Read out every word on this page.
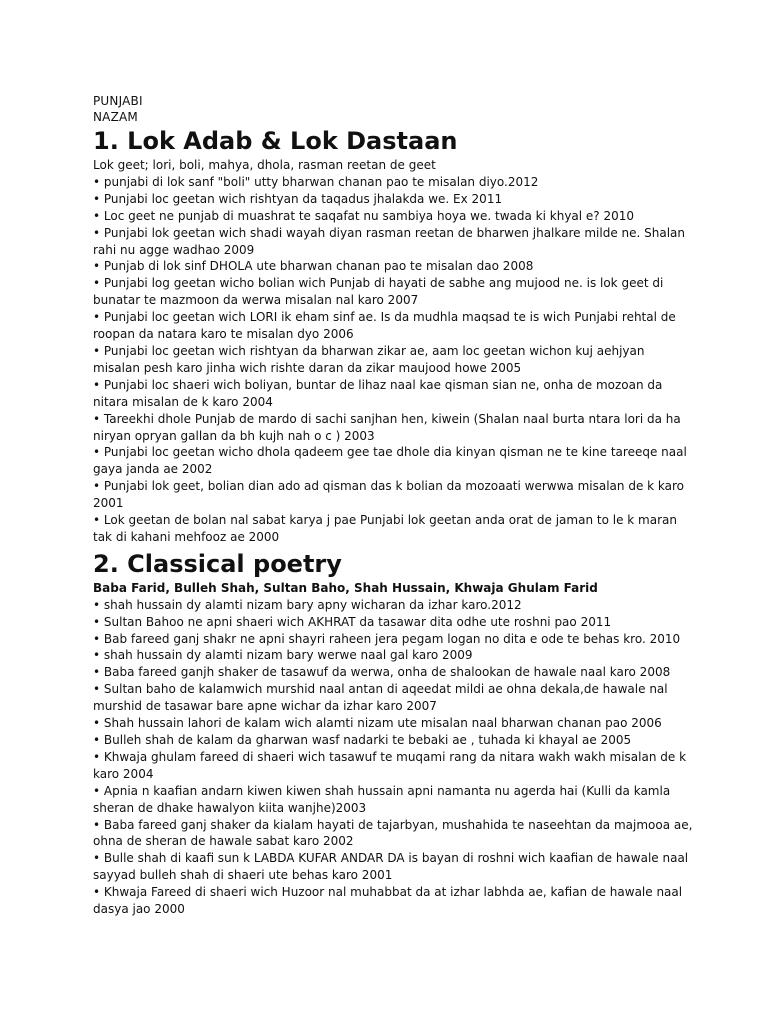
PUNJABI
NAZAM
1. Lok Adab & Lok Dastaan

Lok geet; lori, boli, mahya, dhola, rasman reetan de geet

• punjabi di lok sanf "boli" utty bharwan chanan pao te misalan diyo.2012

• Punjabi loc geetan wich rishtyan da taqadus jhalakda we. Ex 2011

• Loc geet ne punjab di muashrat te saqafat nu sambiya hoya we. twada ki khyal e? 2010

• Punjabi lok geetan wich shadi wayah diyan rasman reetan de bharwen jhalkare milde ne. Shalan rahi nu agge wadhao 2009

• Punjab di lok sinf DHOLA ute bharwan chanan pao te misalan dao 2008

• Punjabi log geetan wicho bolian wich Punjab di hayati de sabhe ang mujood ne. is lok geet di bunatar te mazmoon da werwa misalan nal karo 2007

• Punjabi loc geetan wich LORI ik eham sinf ae. Is da mudhla maqsad te is wich Punjabi rehtal de roopan da natara karo te misalan dyo 2006

• Punjabi loc geetan wich rishtyan da bharwan zikar ae, aam loc geetan wichon kuj aehjyan misalan pesh karo jinha wich rishte daran da zikar maujood howe 2005

• Punjabi loc shaeri wich boliyan, buntar de lihaz naal kae qisman sian ne, onha de mozoan da nitara misalan de k karo 2004

• Tareekhi dhole Punjab de mardo di sachi sanjhan hen, kiwein (Shalan naal burta ntara lori da ha niryan opryan gallan da bh kujh nah o c ) 2003

• Punjabi loc geetan wicho dhola qadeem gee tae dhole dia kinyan qisman ne te kine tareeqe naal gaya janda ae 2002

• Punjabi lok geet, bolian dian ado ad qisman das k bolian da mozoaati werwwa misalan de k karo 2001

• Lok geetan de bolan nal sabat karya j pae Punjabi lok geetan anda orat de jaman to le k maran tak di kahani mehfooz ae 2000

2. Classical poetry

Baba Farid, Bulleh Shah, Sultan Baho, Shah Hussain, Khwaja Ghulam Farid

• shah hussain dy alamti nizam bary apny wicharan da izhar karo.2012

• Sultan Bahoo ne apni shaeri wich AKHRAT da tasawar dita odhe ute roshni pao 2011

• Bab fareed ganj shakr ne apni shayri raheen jera pegam logan no dita e ode te behas kro. 2010

• shah hussain dy alamti nizam bary werwe naal gal karo 2009

• Baba fareed ganjh shaker de tasawuf da werwa, onha de shalookan de hawale naal karo 2008

• Sultan baho de kalamwich murshid naal antan di aqeedat mildi ae ohna dekala,de hawale nal murshid de tasawar bare apne wichar da izhar karo 2007

• Shah hussain lahori de kalam wich alamti nizam ute misalan naal bharwan chanan pao 2006

• Bulleh shah de kalam da gharwan wasf nadarki te bebaki ae , tuhada ki khayal ae 2005

• Khwaja ghulam fareed di shaeri wich tasawuf te muqami rang da nitara wakh wakh misalan de k karo 2004

• Apnia n kaafian andarn kiwen kiwen shah hussain apni namanta nu agerda hai (Kulli da kamla sheran de dhake hawalyon kiita wanjhe)2003

• Baba fareed ganj shaker da kialam hayati de tajarbyan, mushahida te naseehtan da majmooa ae, ohna de sheran de hawale sabat karo 2002

• Bulle shah di kaafi sun k LABDA KUFAR ANDAR DA is bayan di roshni wich kaafian de hawale naal sayyad bulleh shah di shaeri ute behas karo 2001

• Khwaja Fareed di shaeri wich Huzoor nal muhabbat da at izhar labhda ae, kafian de hawale naal dasya jao 2000
